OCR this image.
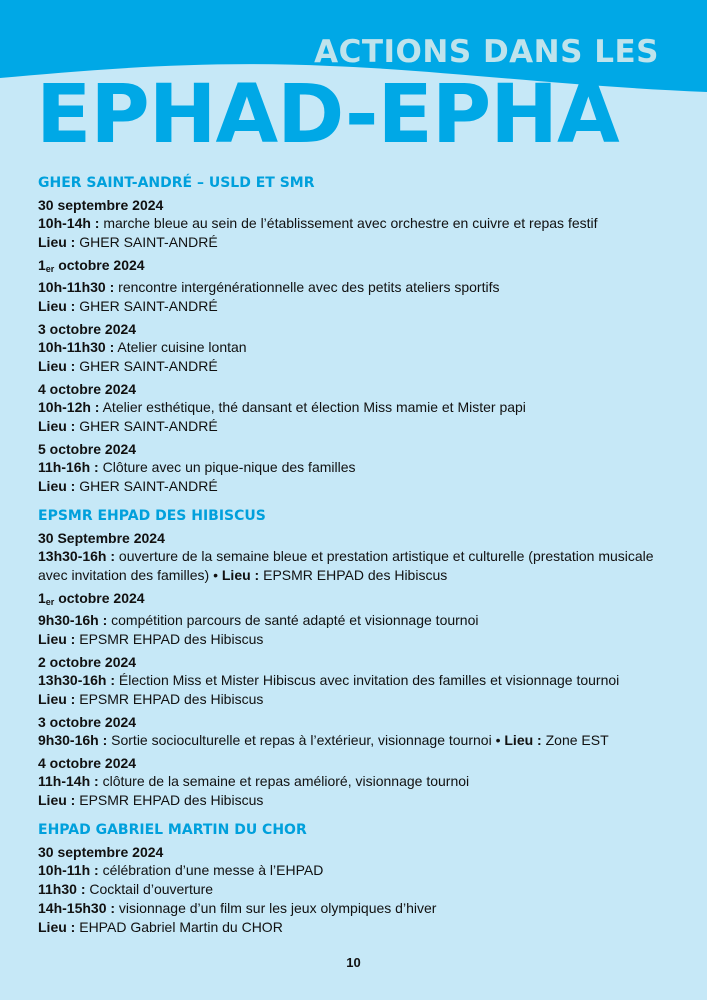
ACTIONS DANS LES
EPHAD-EPHA
GHER SAINT-ANDRÉ – USLD ET SMR
30 septembre 2024
10h-14h : marche bleue au sein de l’établissement avec orchestre en cuivre et repas festif
Lieu : GHER SAINT-ANDRÉ
$1_{er}$ octobre 2024
10h-11h30 : rencontre intergénérationnelle avec des petits ateliers sportifs
Lieu : GHER SAINT-ANDRÉ
3 octobre 2024
10h-11h30 : Atelier cuisine lontan
Lieu : GHER SAINT-ANDRÉ
4 octobre 2024
10h-12h : Atelier esthétique, thé dansant et élection Miss mamie et Mister papi
Lieu : GHER SAINT-ANDRÉ
5 octobre 2024
11h-16h : Clôture avec un pique-nique des familles
Lieu : GHER SAINT-ANDRÉ
EPSMR EHPAD DES HIBISCUS
30 Septembre 2024
13h30-16h : ouverture de la semaine bleue et prestation artistique et culturelle (prestation musicale avec invitation des familles) • Lieu : EPSMR EHPAD des Hibiscus
$1_{er}$ octobre 2024
9h30-16h : compétition parcours de santé adapté et visionnage tournoi
Lieu : EPSMR EHPAD des Hibiscus
2 octobre 2024
13h30-16h : Élection Miss et Mister Hibiscus avec invitation des familles et visionnage tournoi
Lieu : EPSMR EHPAD des Hibiscus
3 octobre 2024
9h30-16h : Sortie socioculturelle et repas à l’extérieur, visionnage tournoi • Lieu : Zone EST
4 octobre 2024
11h-14h : clôture de la semaine et repas amélioré, visionnage tournoi
Lieu : EPSMR EHPAD des Hibiscus
EHPAD GABRIEL MARTIN DU CHOR
30 septembre 2024
10h-11h : célébration d’une messe à l’EHPAD
11h30 : Cocktail d’ouverture
14h-15h30 : visionnage d’un film sur les jeux olympiques d’hiver
Lieu : EHPAD Gabriel Martin du CHOR
10
